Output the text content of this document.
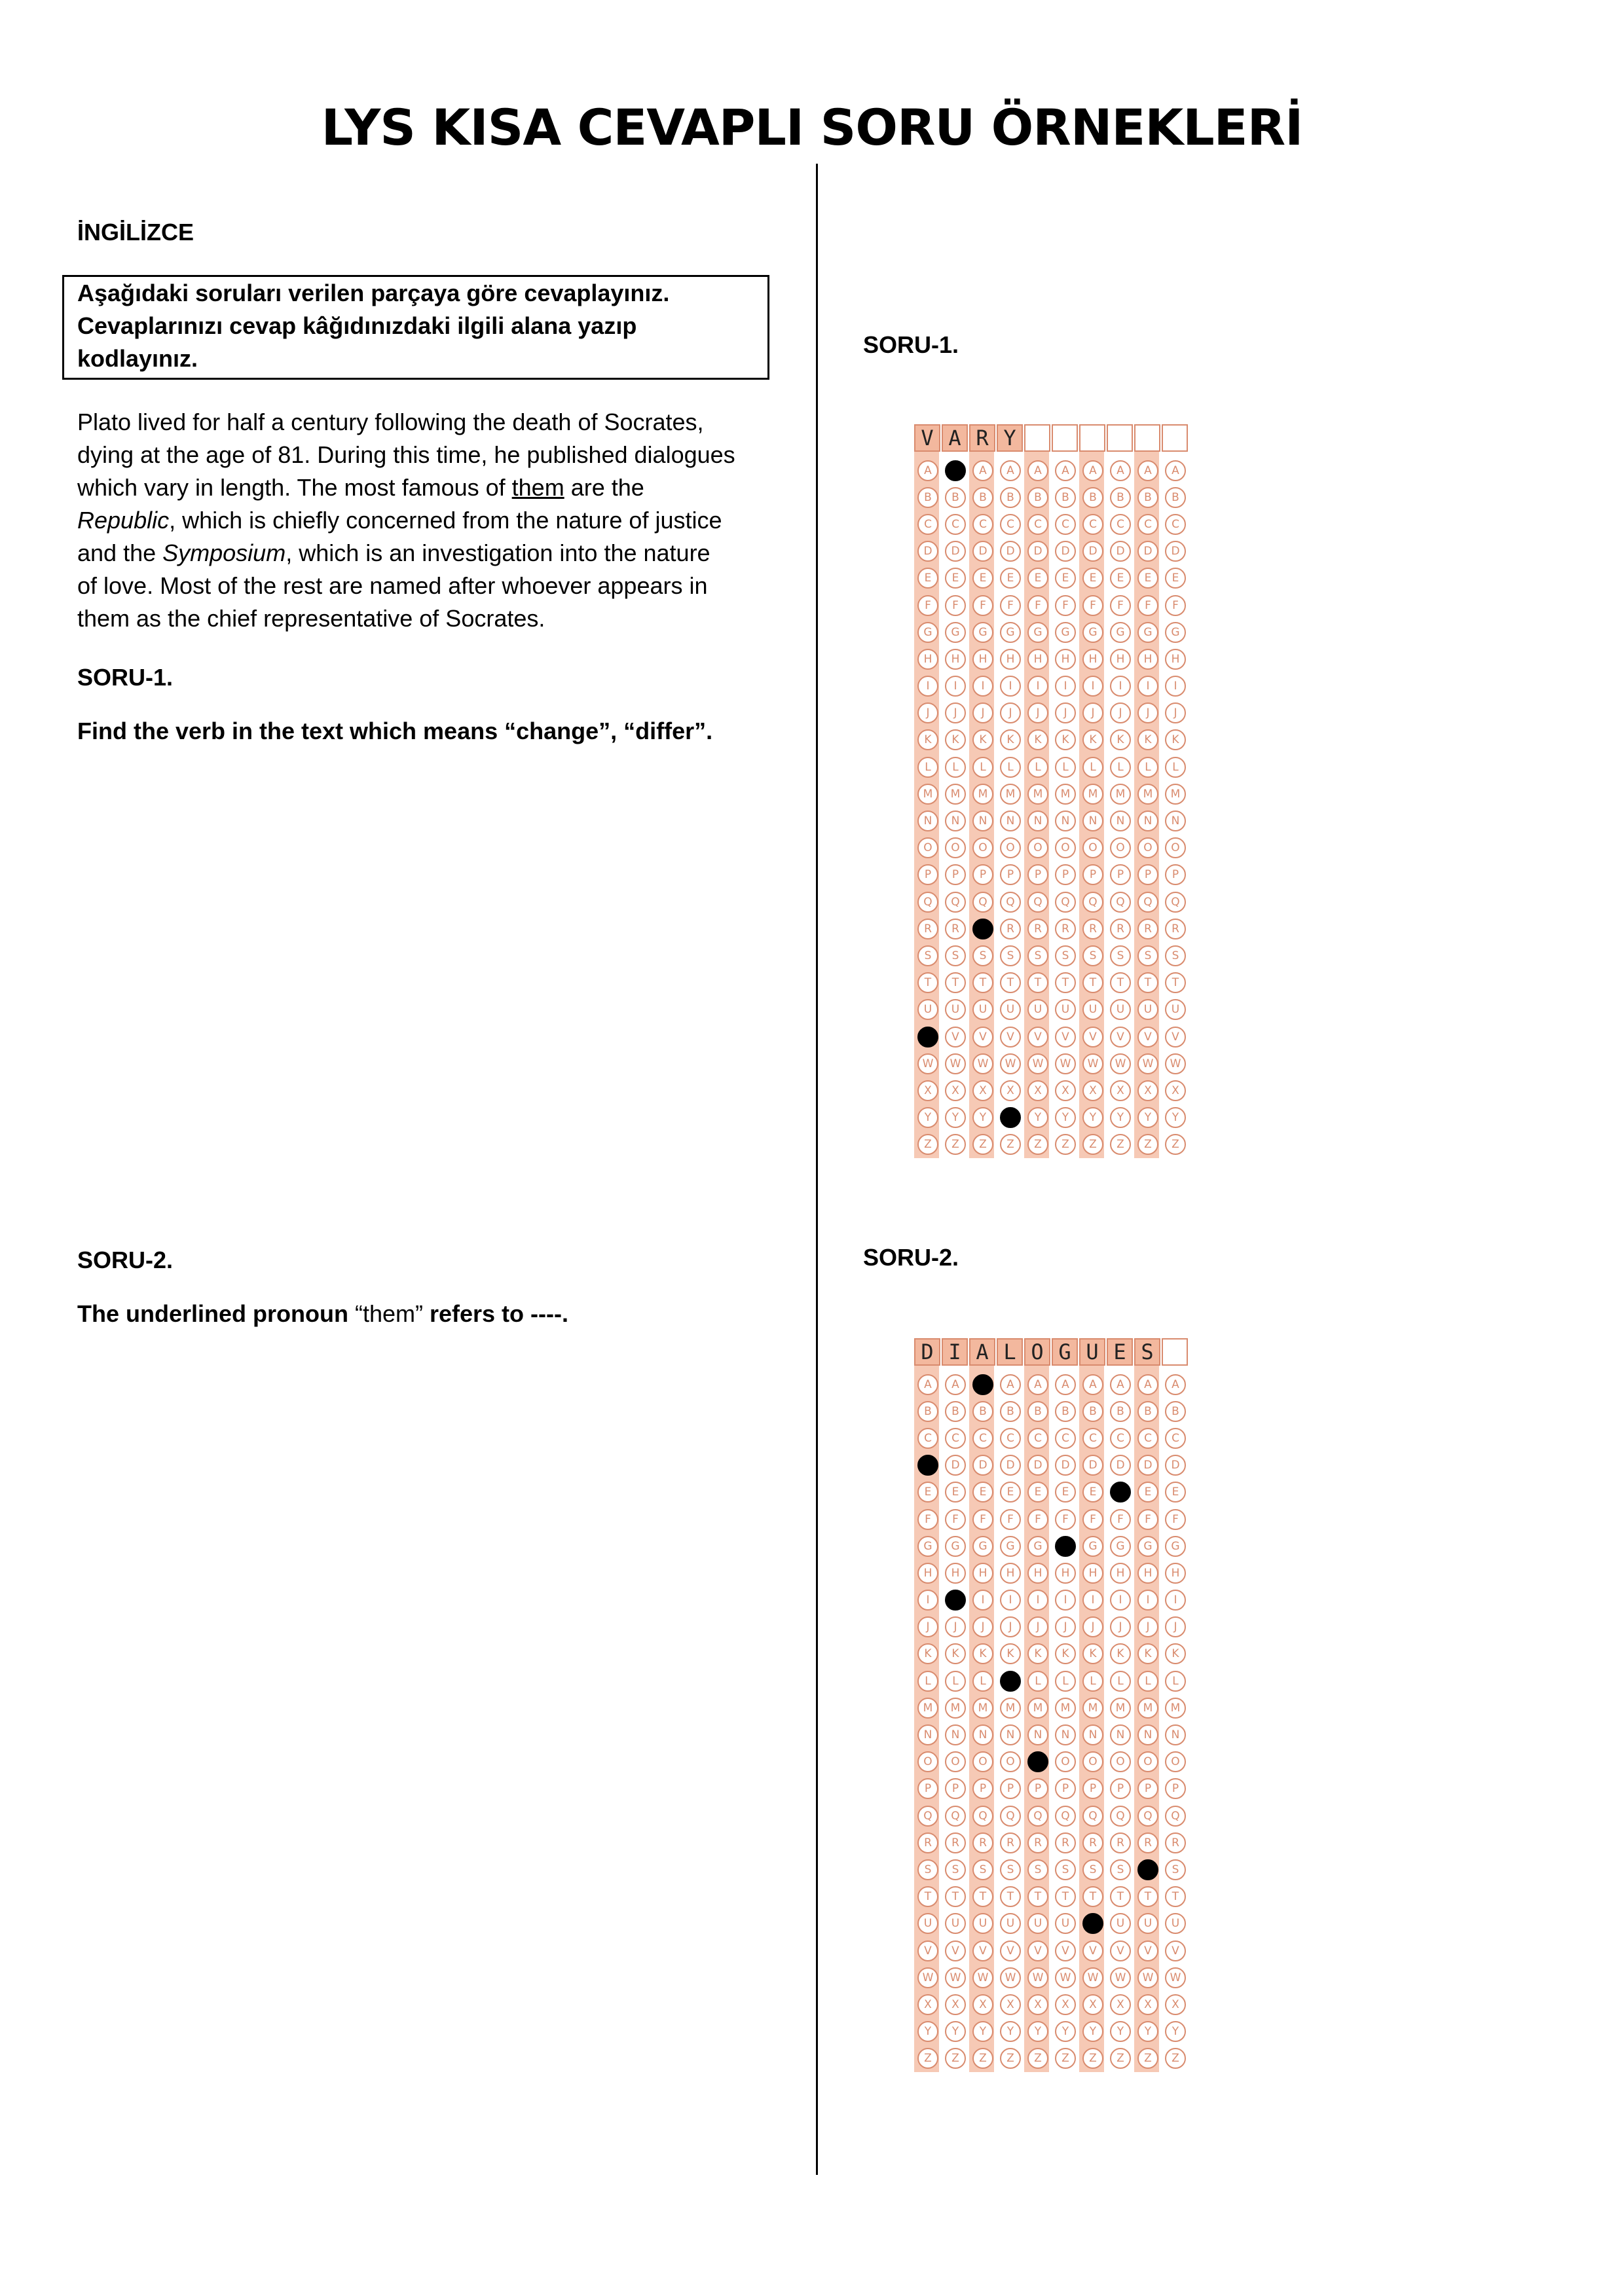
LYS KISA CEVAPLI SORU ÖRNEKLERİ
İNGİLİZCE
Aşağıdaki soruları verilen parçaya göre cevaplayınız.
Cevaplarınızı cevap kâğıdınızdaki ilgili alana yazıp
kodlayınız.
Plato lived for half a century following the death of Socrates,
dying at the age of 81. During this time, he published dialogues
which vary in length. The most famous of them are the
Republic, which is chiefly concerned from the nature of justice
and the Symposium, which is an investigation into the nature
of love. Most of the rest are named after whoever appears in
them as the chief representative of Socrates.
SORU-1.
Find the verb in the text which means “change”, “differ”.
SORU-2.
The underlined pronoun “them” refers to ----.
SORU-1.
V A R Y
A	A	A	A	A	A	A	A	A	A
B	B	B	B	B	B	B	B	B	B
C	C	C	C	C	C	C	C	C	C
D	D	D	D	D	D	D	D	D	D
E	E	E	E	E	E	E	E	E	E
F	F	F	F	F	F	F	F	F	F
G	G	G	G	G	G	G	G	G	G
H	H	H	H	H	H	H	H	H	H
I	I	I	I	I	I	I	I	I	I
J	J	J	J	J	J	J	J	J	J
K	K	K	K	K	K	K	K	K	K
L	L	L	L	L	L	L	L	L	L
M	M	M	M	M	M	M	M	M	M
N	N	N	N	N	N	N	N	N	N
O	O	O	O	O	O	O	O	O	O
P	P	P	P	P	P	P	P	P	P
Q	Q	Q	Q	Q	Q	Q	Q	Q	Q
R	R	R	R	R	R	R	R	R	R
S	S	S	S	S	S	S	S	S	S
T	T	T	T	T	T	T	T	T	T
U	U	U	U	U	U	U	U	U	U
V	V	V	V	V	V	V	V	V	V
W	W	W	W	W	W	W	W	W	W
X	X	X	X	X	X	X	X	X	X
Y	Y	Y	Y	Y	Y	Y	Y	Y	Y
Z	Z	Z	Z	Z	Z	Z	Z	Z	Z
SORU-2.
D I A L O G U E S
A	A	A	A	A	A	A	A	A	A
B	B	B	B	B	B	B	B	B	B
C	C	C	C	C	C	C	C	C	C
D	D	D	D	D	D	D	D	D	D
E	E	E	E	E	E	E	E	E	E
F	F	F	F	F	F	F	F	F	F
G	G	G	G	G	G	G	G	G	G
H	H	H	H	H	H	H	H	H	H
I	I	I	I	I	I	I	I	I	I
J	J	J	J	J	J	J	J	J	J
K	K	K	K	K	K	K	K	K	K
L	L	L	L	L	L	L	L	L	L
M	M	M	M	M	M	M	M	M	M
N	N	N	N	N	N	N	N	N	N
O	O	O	O	O	O	O	O	O	O
P	P	P	P	P	P	P	P	P	P
Q	Q	Q	Q	Q	Q	Q	Q	Q	Q
R	R	R	R	R	R	R	R	R	R
S	S	S	S	S	S	S	S	S	S
T	T	T	T	T	T	T	T	T	T
U	U	U	U	U	U	U	U	U	U
V	V	V	V	V	V	V	V	V	V
W	W	W	W	W	W	W	W	W	W
X	X	X	X	X	X	X	X	X	X
Y	Y	Y	Y	Y	Y	Y	Y	Y	Y
Z	Z	Z	Z	Z	Z	Z	Z	Z	Z
